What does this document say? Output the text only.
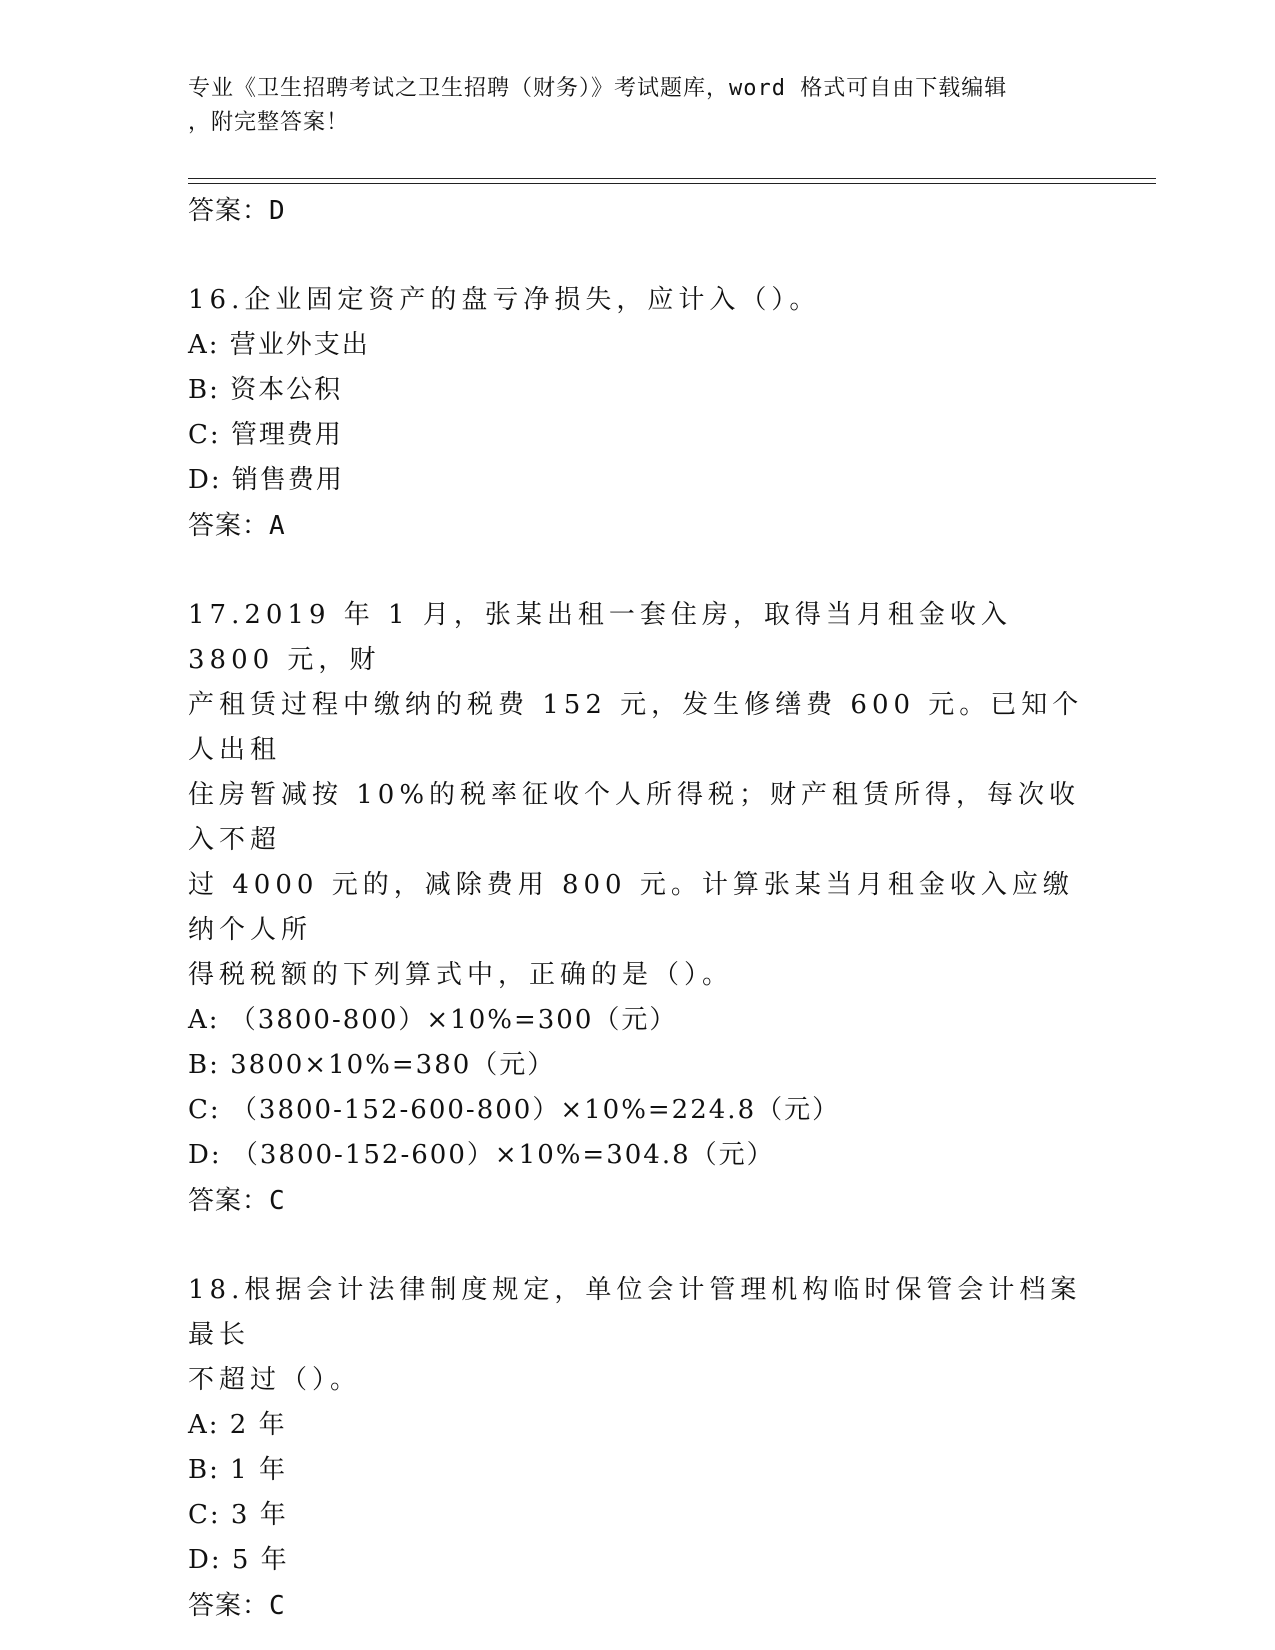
专业《卫生招聘考试之卫生招聘（财务）》考试题库，word 格式可自由下载编辑
，附完整答案！

答案：D

16.企业固定资产的盘亏净损失，应计入（）。

A: 营业外支出

B: 资本公积

C: 管理费用

D: 销售费用

答案：A

17.2019 年 1 月，张某出租一套住房，取得当月租金收入 3800 元，财

产租赁过程中缴纳的税费 152 元，发生修缮费 600 元。已知个人出租

住房暂减按 10%的税率征收个人所得税；财产租赁所得，每次收入不超

过 4000 元的，减除费用 800 元。计算张某当月租金收入应缴纳个人所

得税税额的下列算式中，正确的是（）。

A: （3800-800）×10%=300（元）

B: 3800×10%=380（元）

C: （3800-152-600-800）×10%=224.8（元）

D: （3800-152-600）×10%=304.8（元）

答案：C

18.根据会计法律制度规定，单位会计管理机构临时保管会计档案最长

不超过（）。

A: 2 年

B: 1 年

C: 3 年

D: 5 年

答案：C
